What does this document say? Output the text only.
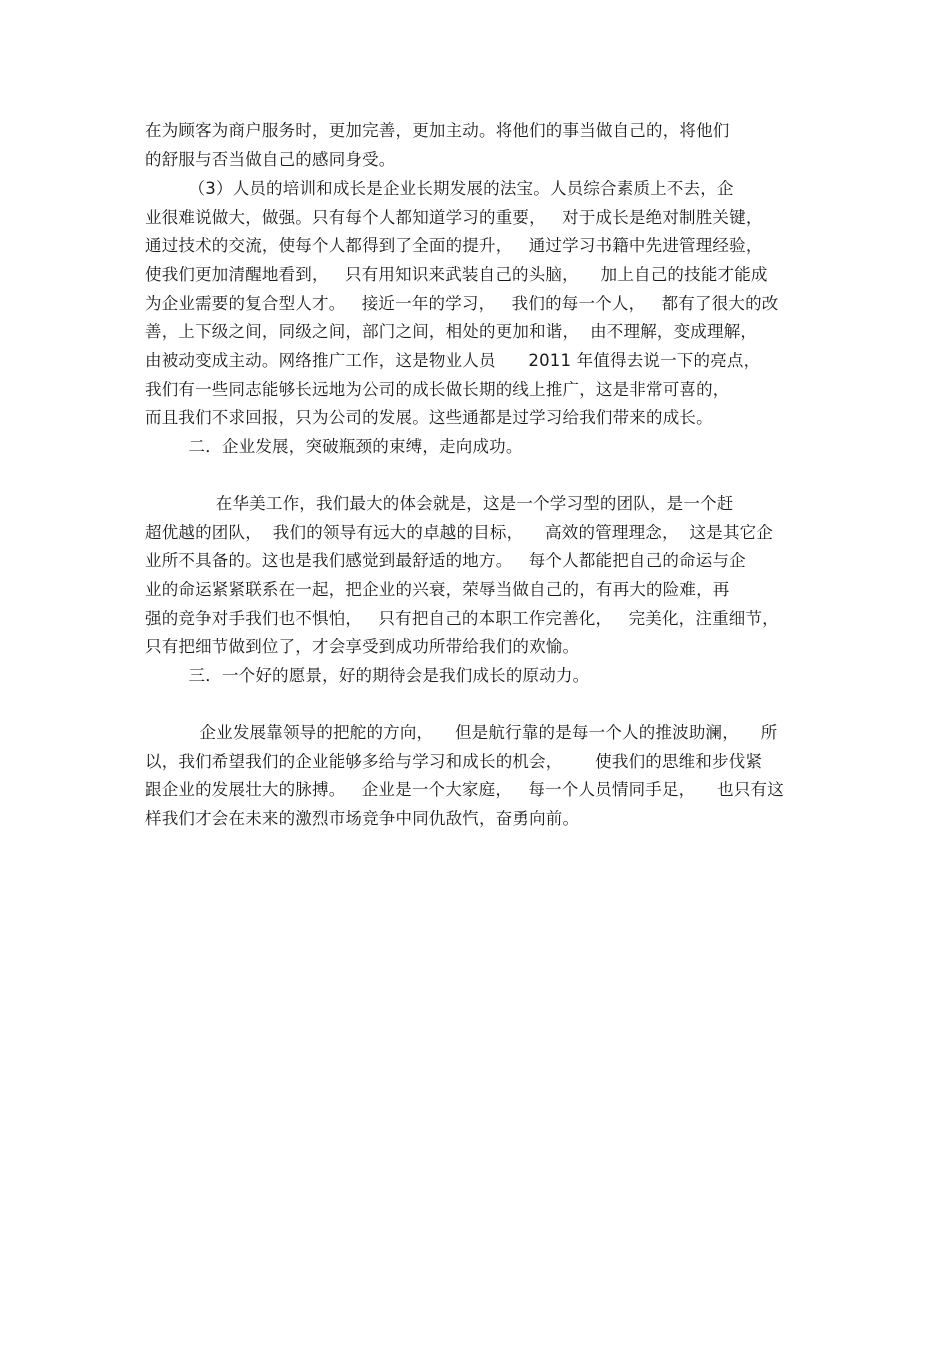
在为顾客为商户服务时，更加完善，更加主动。将他们的事当做自己的，将他们
的舒服与否当做自己的感同身受。
（3）人员的培训和成长是企业长期发展的法宝。人员综合素质上不去，企
业很难说做大，做强。只有每个人都知道学习的重要，   对于成长是绝对制胜关键，
通过技术的交流，使每个人都得到了全面的提升，   通过学习书籍中先进管理经验，
使我们更加清醒地看到，   只有用知识来武装自己的头脑，    加上自己的技能才能成
为企业需要的复合型人才。   接近一年的学习，   我们的每一个人，   都有了很大的改
善，上下级之间，同级之间，部门之间，相处的更加和谐，  由不理解，变成理解，
由被动变成主动。网络推广工作，这是物业人员      2011 年值得去说一下的亮点，
我们有一些同志能够长远地为公司的成长做长期的线上推广，这是非常可喜的，
而且我们不求回报，只为公司的发展。这些通都是过学习给我们带来的成长。
二．企业发展，突破瓶颈的束缚，走向成功。
在华美工作，我们最大的体会就是，这是一个学习型的团队，是一个赶
超优越的团队，  我们的领导有远大的卓越的目标，    高效的管理理念，  这是其它企
业所不具备的。这也是我们感觉到最舒适的地方。   每个人都能把自己的命运与企
业的命运紧紧联系在一起，把企业的兴衰，荣辱当做自己的，有再大的险难，再
强的竞争对手我们也不惧怕，   只有把自己的本职工作完善化，   完美化，注重细节，
只有把细节做到位了，才会享受到成功所带给我们的欢愉。
三．一个好的愿景，好的期待会是我们成长的原动力。
企业发展靠领导的把舵的方向，    但是航行靠的是每一个人的推波助澜，    所
以，我们希望我们的企业能够多给与学习和成长的机会，      使我们的思维和步伐紧
跟企业的发展壮大的脉搏。   企业是一个大家庭，   每一个人员情同手足，    也只有这
样我们才会在未来的激烈市场竞争中同仇敌忾，奋勇向前。
